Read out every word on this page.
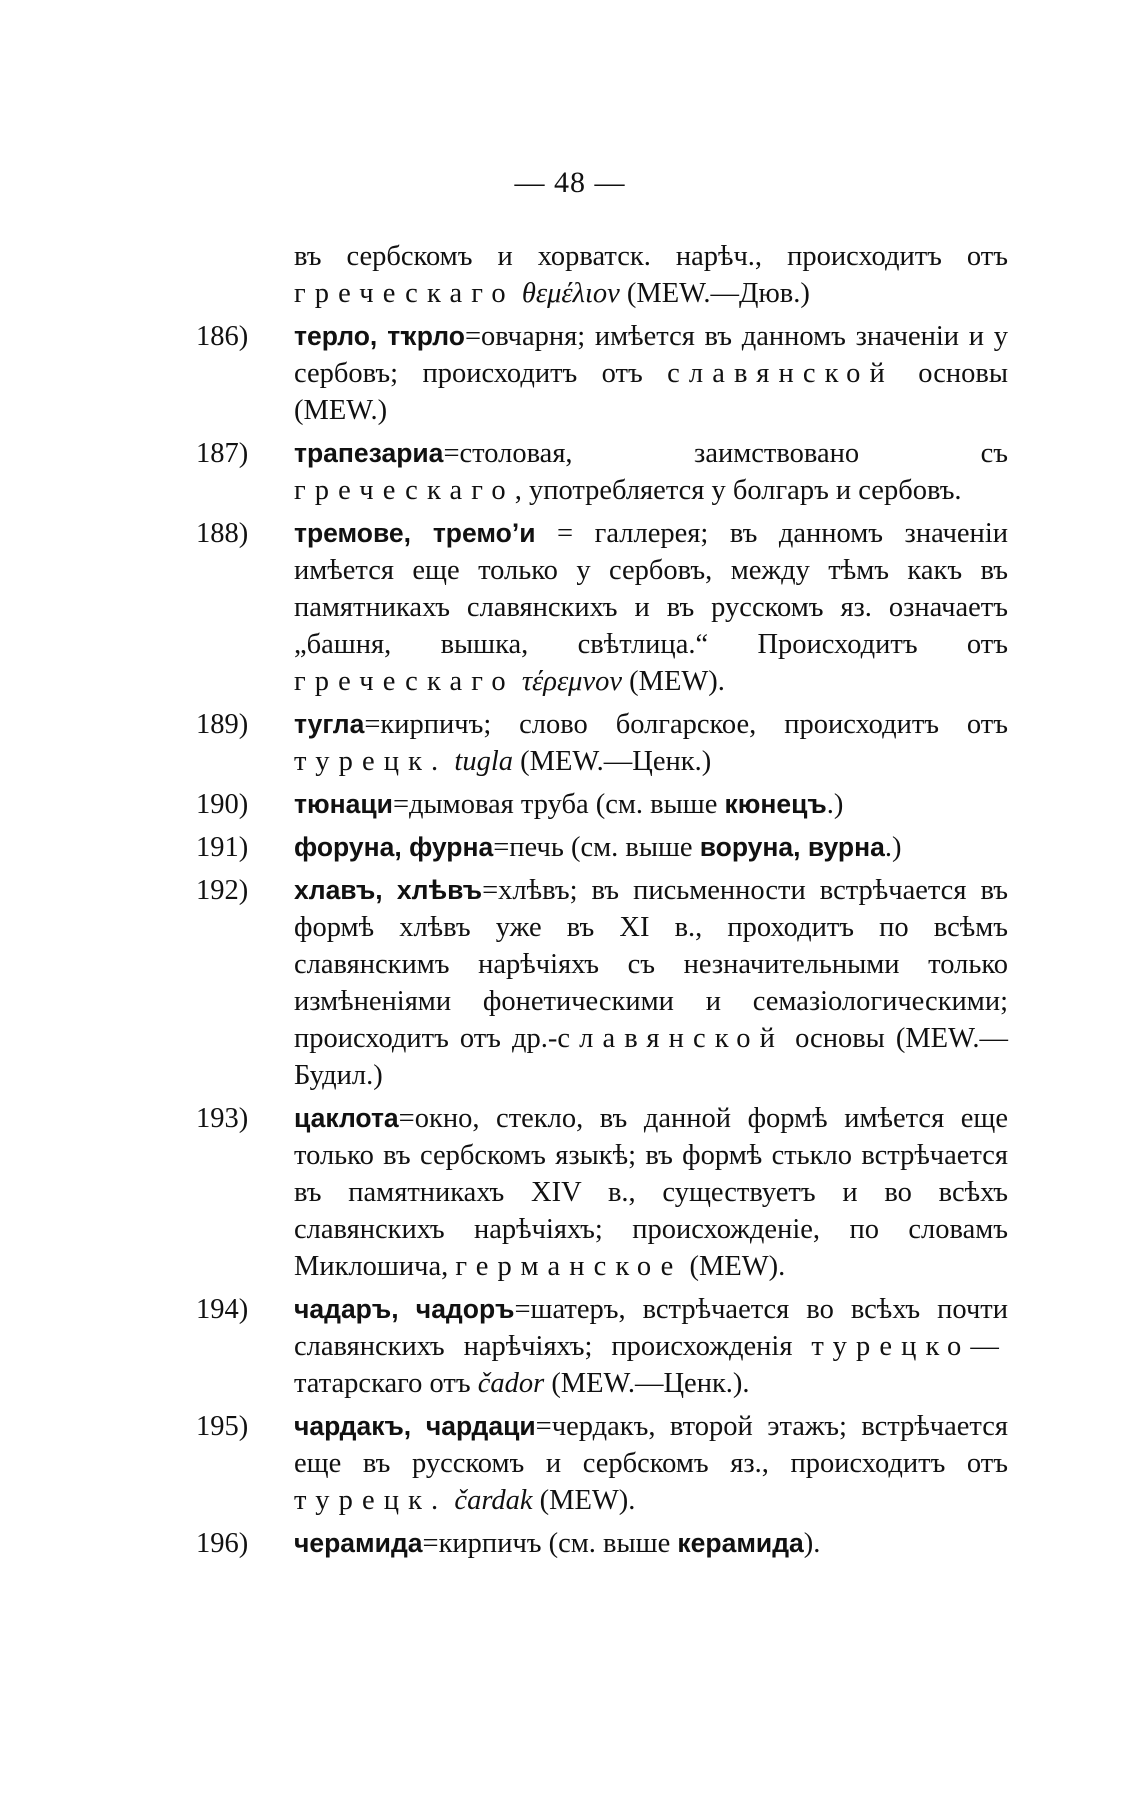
— 48 —
въ сербскомъ и хорватск. нарѣч., происходитъ отъ греческаго θεμέλιον (MEW.—Дюв.)
186) терло, тҡрло=овчарня; имѣется въ данномъ значеніи и у сербовъ; происходитъ отъ славянской основы (MEW.)
187) трапезариа=столовая, заимствовано съ греческаго, употребляется у болгаръ и сербовъ.
188) тремове, тремо’и = галлерея; въ данномъ значеніи имѣется еще только у сербовъ, между тѣмъ какъ въ памятникахъ славянскихъ и въ русскомъ яз. означаетъ „башня, вышка, свѣтлица.“ Происходитъ отъ греческаго τέρεμνον (MEW).
189) тугла=кирпичъ; слово болгарское, происходитъ отъ турецк. tugla (MEW.—Ценк.)
190) тюнаци=дымовая труба (см. выше кюнецъ.)
191) форуна, фурна=печь (см. выше воруна, вурна.)
192) хлавъ, хлѣвъ=хлѣвъ; въ письменности встрѣчается въ формѣ хлѣвъ уже въ XI в., проходитъ по всѣмъ славянскимъ нарѣчіяхъ съ незначительными только измѣненіями фонетическими и семазіологическими; происходитъ отъ др.-славянской основы (MEW.—Будил.)
193) цаклота=окно, стекло, въ данной формѣ имѣется еще только въ сербскомъ языкѣ; въ формѣ стькло встрѣчается въ памятникахъ XIV в., существуетъ и во всѣхъ славянскихъ нарѣчіяхъ; происхожденіе, по словамъ Миклошича, германское (MEW).
194) чадаръ, чадоръ=шатеръ, встрѣчается во всѣхъ почти славянскихъ нарѣчіяхъ; происхожденія турецко— татарскаго отъ čador (MEW.—Ценк.).
195) чардакъ, чардаци=чердакъ, второй этажъ; встрѣчается еще въ русскомъ и сербскомъ яз., происходитъ отъ турецк. čardak (MEW).
196) черамида=кирпичъ (см. выше керамида).
